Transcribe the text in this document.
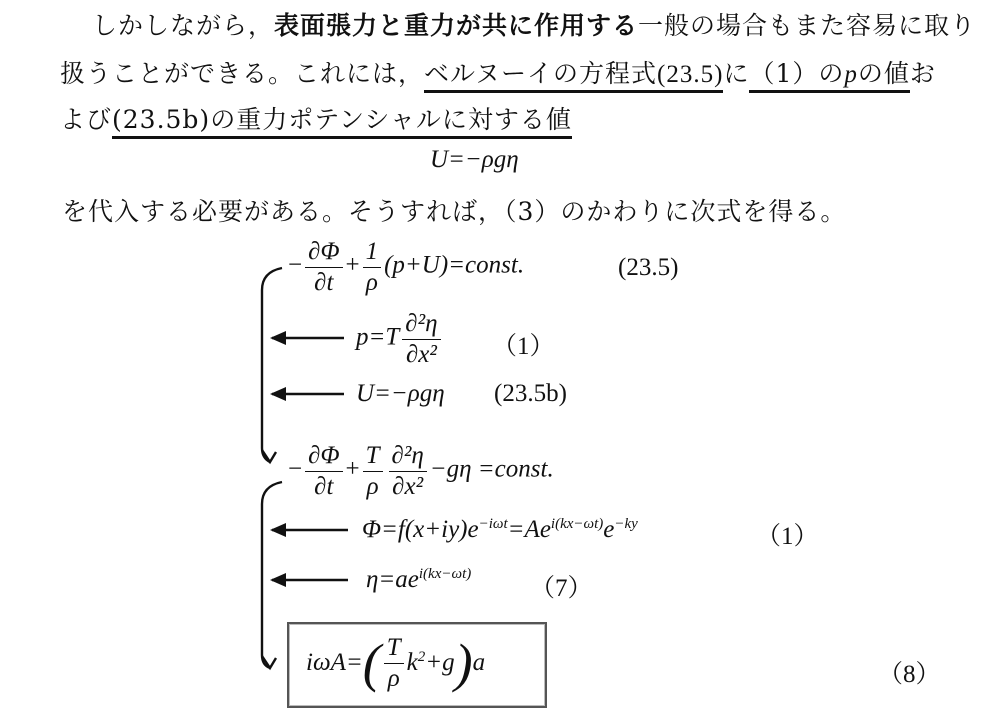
しかしながら，表面張力と重力が共に作用する一般の場合もまた容易に取り
扱うことができる。これには，ベルヌーイの方程式(23.5)に（1）のpの値お
よび(23.5b)の重力ポテンシャルに対する値
U=−ρgη
を代入する必要がある。そうすれば，（3）のかわりに次式を得る。
− $\frac{\partial\Phi}{\partial t} + \frac{1}{\rho}$ (p+U)=const.	(23.5)
$p=T \frac{\text{∂²η}}{\text{∂x²}} (1)$
U=−ρgη (23.5b)
− $\frac{\partial\Phi}{\partial t} + \frac{T}{\rho} \frac{\text{∂²η}}{\text{∂x²}} -g\eta$ =const.
$\Phi=f(x+iy)e^{-i\omega t}=Ae^{i(kx-\omega t)}e^{-ky}$	（1）
$\eta=ae^{i(kx-\omega t)}$
（7）
$i\omega A=( \frac{T}{\rho} k^2+g)a$	（8）
